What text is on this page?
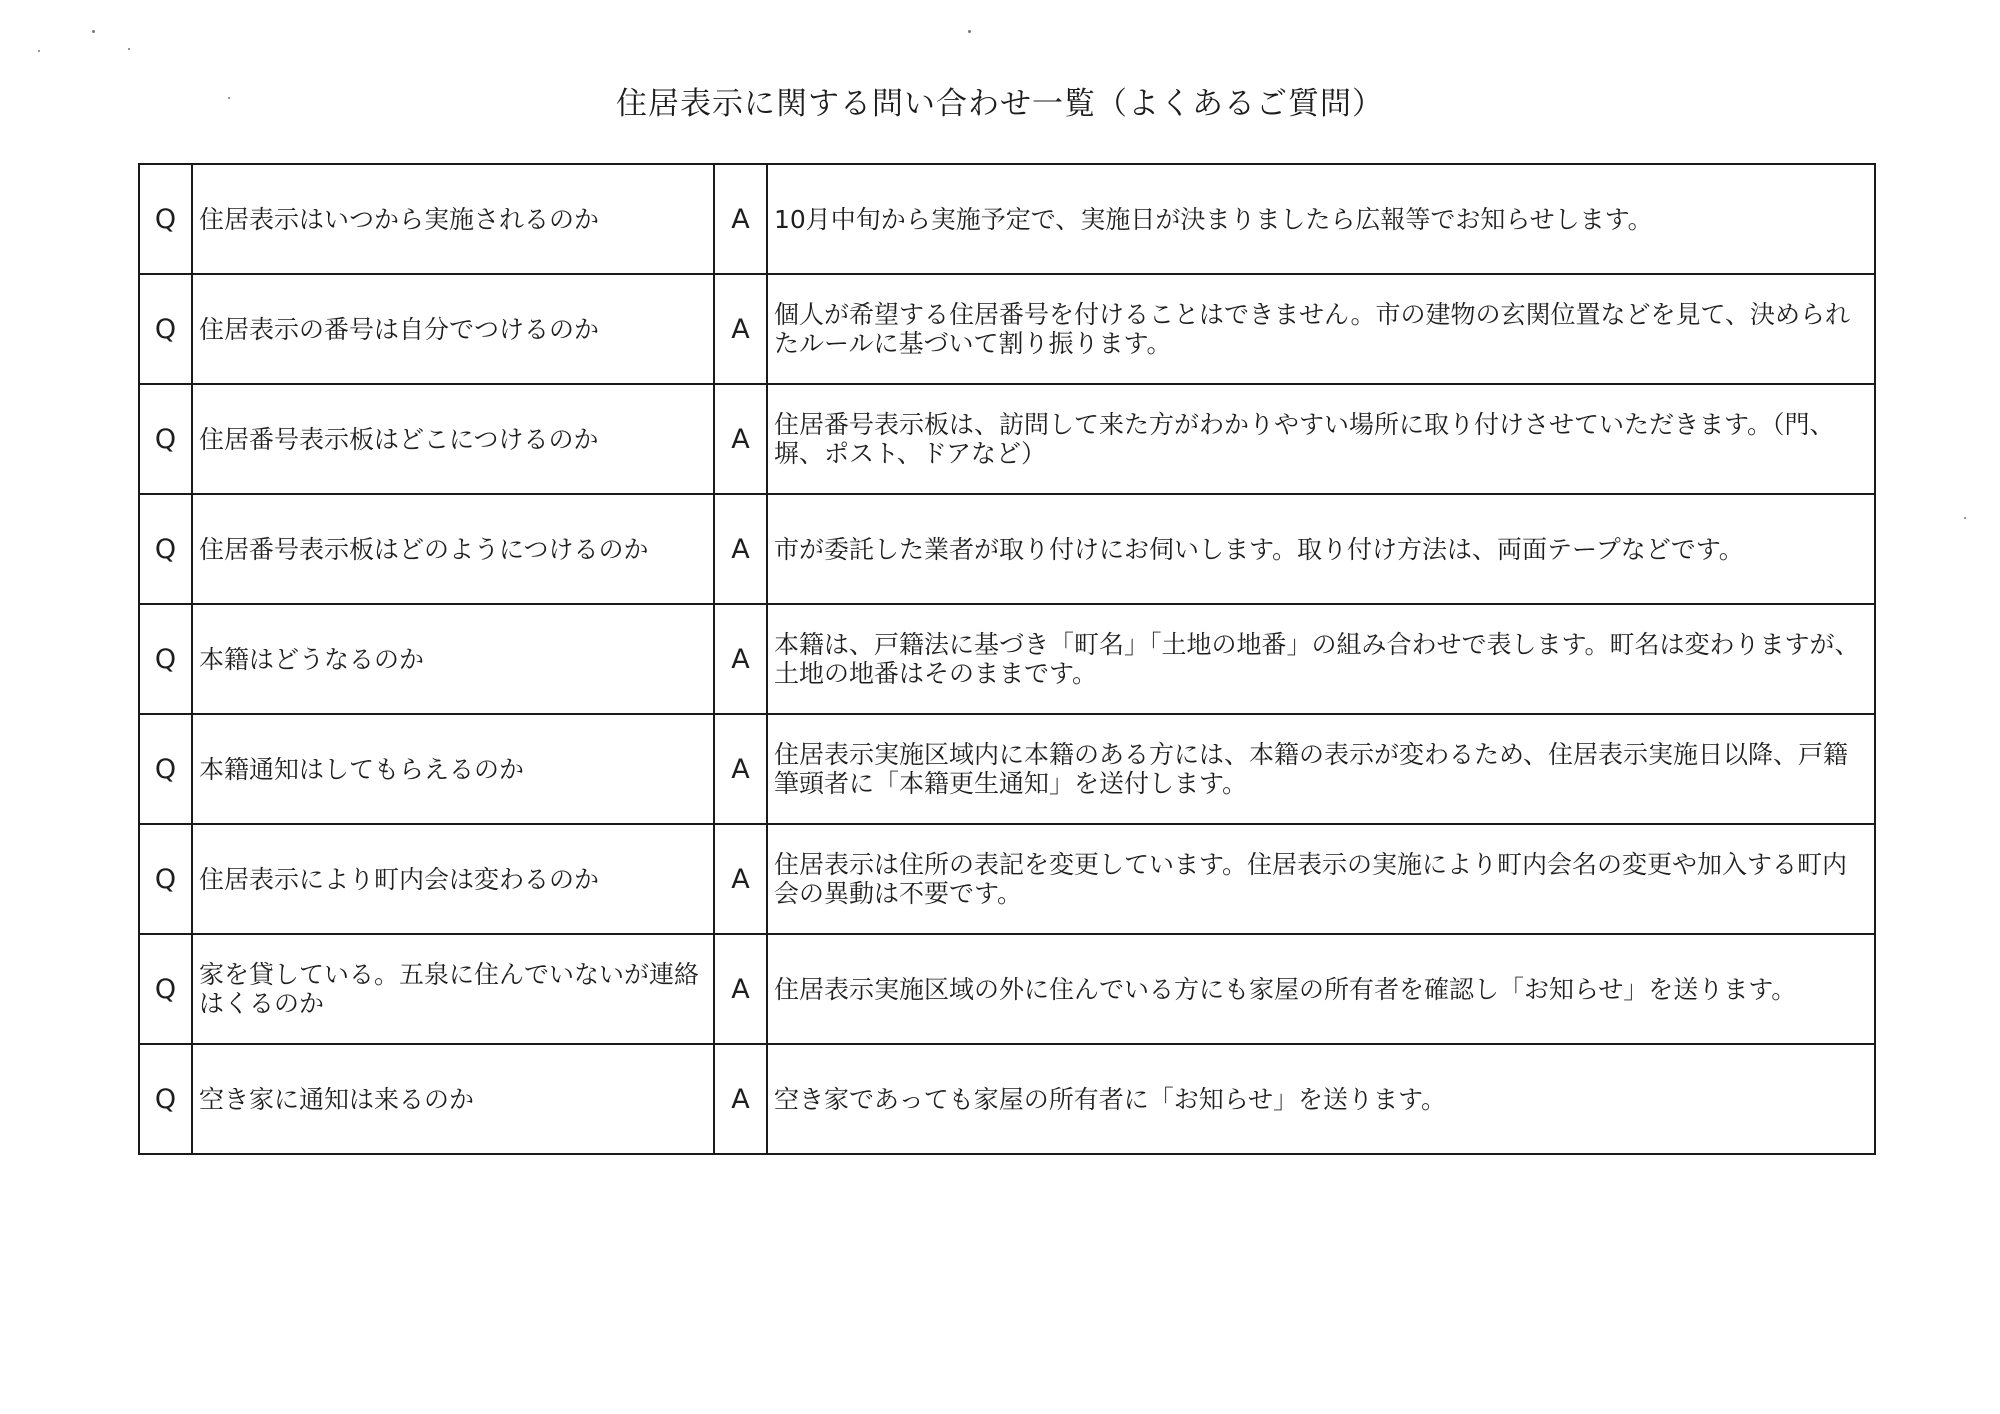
住居表示に関する問い合わせ一覧（よくあるご質問）
Q	住居表示はいつから実施されるのか	A	10月中旬から実施予定で、実施日が決まりましたら広報等でお知らせします。
Q	住居表示の番号は自分でつけるのか	A	個人が希望する住居番号を付けることはできません。市の建物の玄関位置などを見て、決められたルールに基づいて割り振ります。
Q	住居番号表示板はどこにつけるのか	A	住居番号表示板は、訪問して来た方がわかりやすい場所に取り付けさせていただきます。（門、塀、ポスト、ドアなど）
Q	住居番号表示板はどのようにつけるのか	A	市が委託した業者が取り付けにお伺いします。取り付け方法は、両面テープなどです。
Q	本籍はどうなるのか	A	本籍は、戸籍法に基づき「町名」「土地の地番」の組み合わせで表します。町名は変わりますが、土地の地番はそのままです。
Q	本籍通知はしてもらえるのか	A	住居表示実施区域内に本籍のある方には、本籍の表示が変わるため、住居表示実施日以降、戸籍筆頭者に「本籍更生通知」を送付します。
Q	住居表示により町内会は変わるのか	A	住居表示は住所の表記を変更しています。住居表示の実施により町内会名の変更や加入する町内会の異動は不要です。
Q	家を貸している。五泉に住んでいないが連絡はくるのか	A	住居表示実施区域の外に住んでいる方にも家屋の所有者を確認し「お知らせ」を送ります。
Q	空き家に通知は来るのか	A	空き家であっても家屋の所有者に「お知らせ」を送ります。
